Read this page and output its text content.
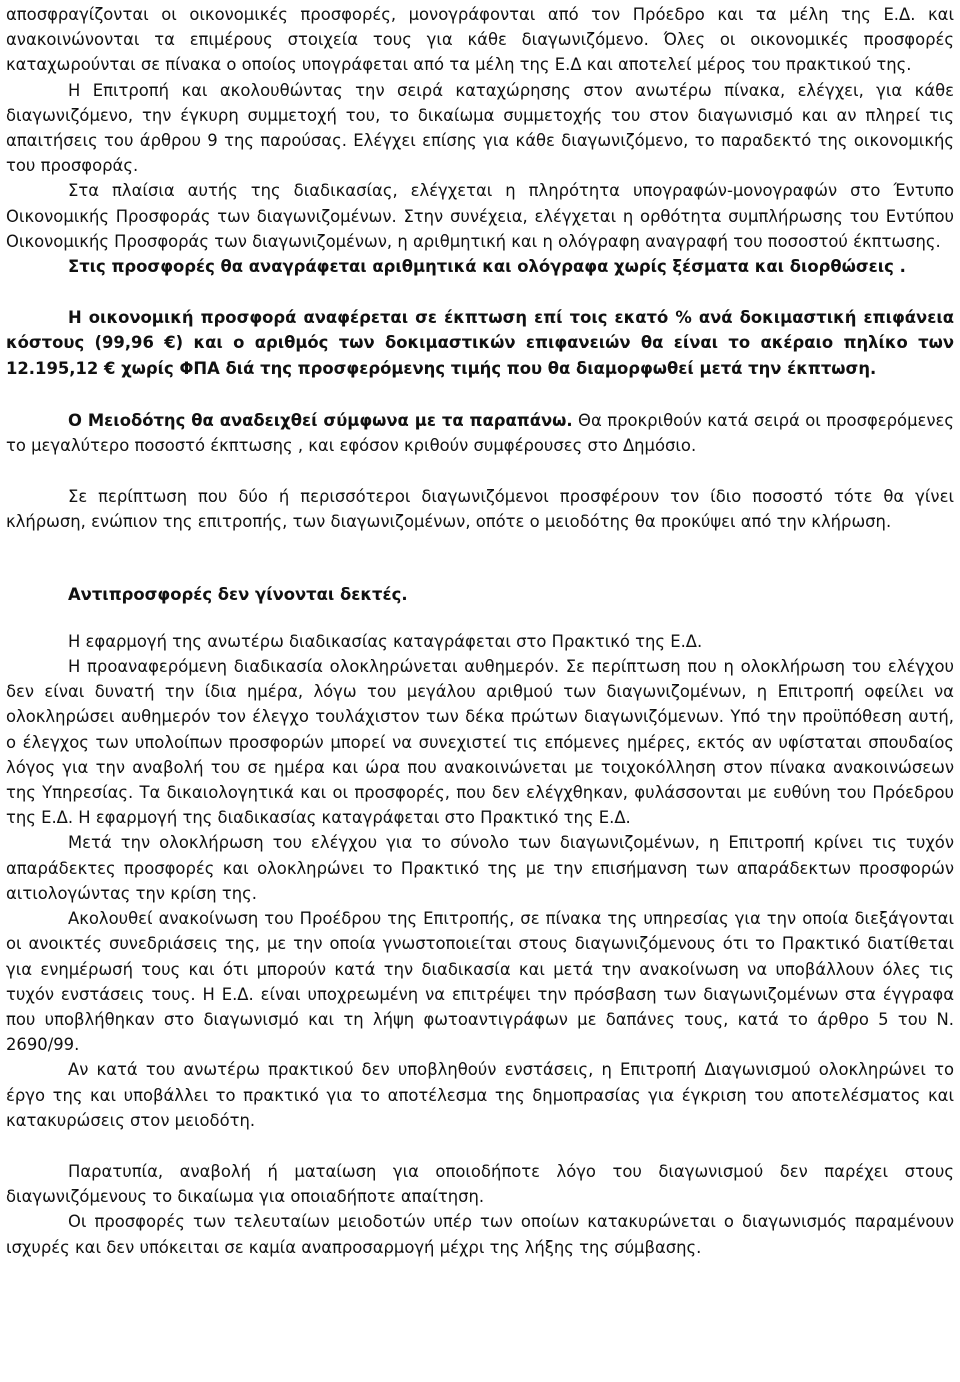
αποσφραγίζονται οι οικονομικές προσφορές, μονογράφονται από τον Πρόεδρο και τα μέλη της Ε.Δ. και ανακοινώνονται τα επιμέρους στοιχεία τους για κάθε διαγωνιζόμενο. Όλες οι οικονομικές προσφορές καταχωρούνται σε πίνακα ο οποίος υπογράφεται από τα μέλη της Ε.Δ και αποτελεί μέρος του πρακτικού της.

Η Επιτροπή και ακολουθώντας την σειρά καταχώρησης στον ανωτέρω πίνακα, ελέγχει, για κάθε διαγωνιζόμενο, την έγκυρη συμμετοχή του, το δικαίωμα συμμετοχής του στον διαγωνισμό και αν πληρεί τις απαιτήσεις του άρθρου 9 της παρούσας. Ελέγχει επίσης για κάθε διαγωνιζόμενο, το παραδεκτό της οικονομικής του προσφοράς.

Στα πλαίσια αυτής της διαδικασίας, ελέγχεται η πληρότητα υπογραφών-μονογραφών στο Έντυπο Οικονομικής Προσφοράς των διαγωνιζομένων. Στην συνέχεια, ελέγχεται η ορθότητα συμπλήρωσης του Εντύπου Οικονομικής Προσφοράς των διαγωνιζομένων, η αριθμητική και η ολόγραφη αναγραφή του ποσοστού έκπτωσης.

Στις προσφορές θα αναγράφεται αριθμητικά και ολόγραφα χωρίς ξέσματα και διορθώσεις .

Η οικονομική προσφορά αναφέρεται σε έκπτωση επί τοις εκατό % ανά δοκιμαστική επιφάνεια κόστους (99,96 €) και ο αριθμός των δοκιμαστικών επιφανειών θα είναι το ακέραιο πηλίκο των 12.195,12 € χωρίς ΦΠΑ διά της προσφερόμενης τιμής που θα διαμορφωθεί μετά την έκπτωση.

Ο Μειοδότης θα αναδειχθεί σύμφωνα με τα παραπάνω. Θα προκριθούν κατά σειρά οι προσφερόμενες το μεγαλύτερο ποσοστό έκπτωσης , και εφόσον κριθούν συμφέρουσες στο Δημόσιο.

Σε περίπτωση που δύο ή περισσότεροι διαγωνιζόμενοι προσφέρουν τον ίδιο ποσοστό τότε θα γίνει κλήρωση, ενώπιον της επιτροπής, των διαγωνιζομένων, οπότε ο μειοδότης θα προκύψει από την κλήρωση.

Αντιπροσφορές δεν γίνονται δεκτές.

Η εφαρμογή της ανωτέρω διαδικασίας καταγράφεται στο Πρακτικό της Ε.Δ.

Η προαναφερόμενη διαδικασία ολοκληρώνεται αυθημερόν. Σε περίπτωση που η ολοκλήρωση του ελέγχου δεν είναι δυνατή την ίδια ημέρα, λόγω του μεγάλου αριθμού των διαγωνιζομένων, η Επιτροπή οφείλει να ολοκληρώσει αυθημερόν τον έλεγχο τουλάχιστον των δέκα πρώτων διαγωνιζόμενων. Υπό την προϋπόθεση αυτή, ο έλεγχος των υπολοίπων προσφορών μπορεί να συνεχιστεί τις επόμενες ημέρες, εκτός αν υφίσταται σπουδαίος λόγος για την αναβολή του σε ημέρα και ώρα που ανακοινώνεται με τοιχοκόλληση στον πίνακα ανακοινώσεων της Υπηρεσίας. Τα δικαιολογητικά και οι προσφορές, που δεν ελέγχθηκαν, φυλάσσονται με ευθύνη του Πρόεδρου της Ε.Δ. Η εφαρμογή της διαδικασίας καταγράφεται στο Πρακτικό της Ε.Δ.

Μετά την ολοκλήρωση του ελέγχου για το σύνολο των διαγωνιζομένων, η Επιτροπή κρίνει τις τυχόν απαράδεκτες προσφορές και ολοκληρώνει το Πρακτικό της με την επισήμανση των απαράδεκτων προσφορών αιτιολογώντας την κρίση της.

Ακολουθεί ανακοίνωση του Προέδρου της Επιτροπής, σε πίνακα της υπηρεσίας για την οποία διεξάγονται οι ανοικτές συνεδριάσεις της, με την οποία γνωστοποιείται στους διαγωνιζόμενους ότι το Πρακτικό διατίθεται για ενημέρωσή τους και ότι μπορούν κατά την διαδικασία και μετά την ανακοίνωση να υποβάλλουν όλες τις τυχόν ενστάσεις τους. Η Ε.Δ. είναι υποχρεωμένη να επιτρέψει την πρόσβαση των διαγωνιζομένων στα έγγραφα που υποβλήθηκαν στο διαγωνισμό και τη λήψη φωτοαντιγράφων με δαπάνες τους, κατά το άρθρο 5 του Ν. 2690/99.

Αν κατά του ανωτέρω πρακτικού δεν υποβληθούν ενστάσεις, η Επιτροπή Διαγωνισμού ολοκληρώνει το έργο της και υποβάλλει το πρακτικό για το αποτέλεσμα της δημοπρασίας για έγκριση του αποτελέσματος και κατακυρώσεις στον μειοδότη.

Παρατυπία, αναβολή ή ματαίωση για οποιοδήποτε λόγο του διαγωνισμού δεν παρέχει στους διαγωνιζόμενους το δικαίωμα για οποιαδήποτε απαίτηση.

Οι προσφορές των τελευταίων μειοδοτών υπέρ των οποίων κατακυρώνεται ο διαγωνισμός παραμένουν ισχυρές και δεν υπόκειται σε καμία αναπροσαρμογή μέχρι της λήξης της σύμβασης.
